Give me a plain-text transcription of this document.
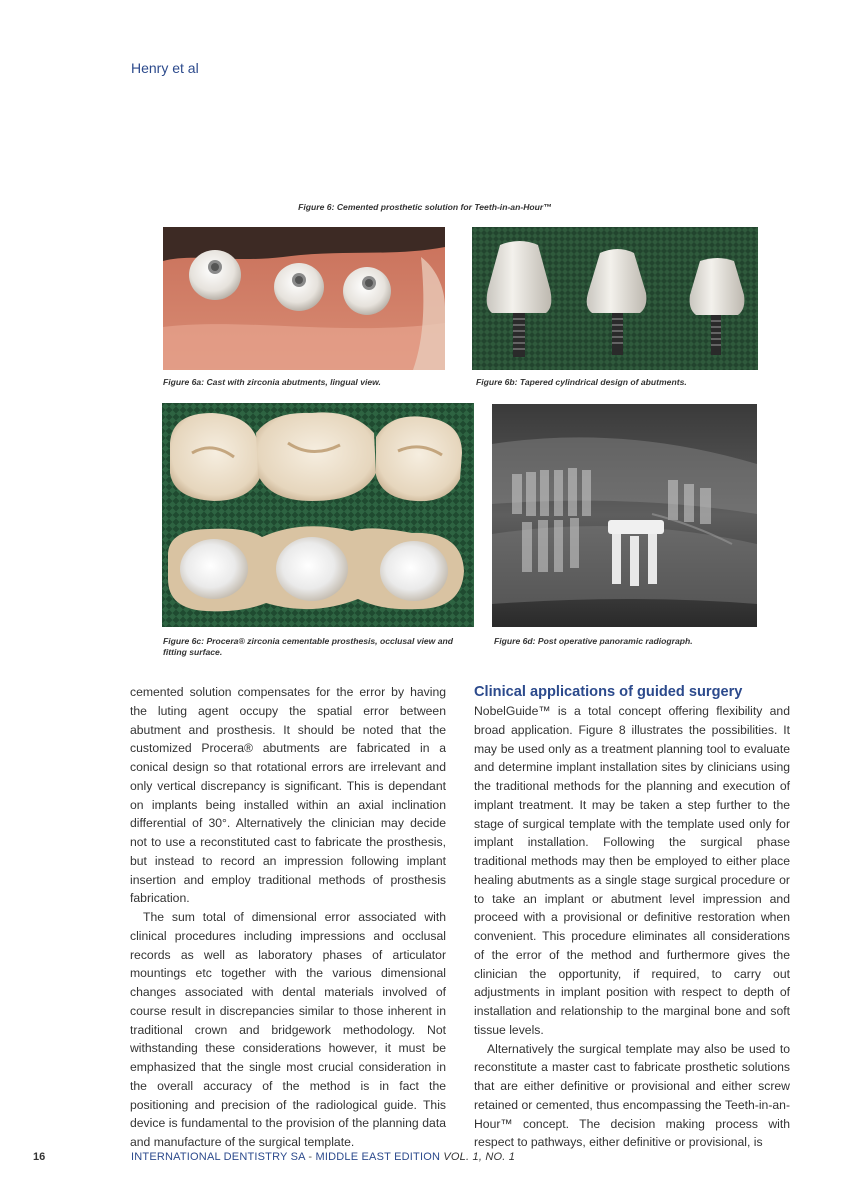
Henry et al
Figure 6: Cemented prosthetic solution for Teeth-in-an-Hour™
Figure 6a: Cast with zirconia abutments, lingual view.	Figure 6b: Tapered cylindrical design of abutments.
Figure 6c: Procera® zirconia cementable prosthesis, occlusal view and fitting surface.
Figure 6d: Post operative panoramic radiograph.

cemented solution compensates for the error by having the luting agent occupy the spatial error between abutment and prosthesis. It should be noted that the customized Procera® abutments are fabricated in a conical design so that rotational errors are irrelevant and only vertical discrepancy is significant. This is dependant on implants being installed within an axial inclination differential of 30°. Alternatively the clinician may decide not to use a reconstituted cast to fabricate the prosthesis, but instead to record an impression following implant insertion and employ traditional methods of prosthesis fabrication.

The sum total of dimensional error associated with clinical procedures including impressions and occlusal records as well as laboratory phases of articulator mountings etc together with the various dimensional changes associated with dental materials involved of course result in discrepancies similar to those inherent in traditional crown and bridgework methodology. Not withstanding these considerations however, it must be emphasized that the single most crucial consideration in the overall accuracy of the method is in fact the positioning and precision of the radiological guide. This device is fundamental to the provision of the planning data and manufacture of the surgical template.

Clinical applications of guided surgery

NobelGuide™ is a total concept offering flexibility and broad application. Figure 8 illustrates the possibilities. It may be used only as a treatment planning tool to evaluate and determine implant installation sites by clinicians using the traditional methods for the planning and execution of implant treatment. It may be taken a step further to the stage of surgical template with the template used only for implant installation. Following the surgical phase traditional methods may then be employed to either place healing abutments as a single stage surgical procedure or to take an implant or abutment level impression and proceed with a provisional or definitive restoration when convenient. This procedure eliminates all considerations of the error of the method and furthermore gives the clinician the opportunity, if required, to carry out adjustments in implant position with respect to depth of installation and relationship to the marginal bone and soft tissue levels.

Alternatively the surgical template may also be used to reconstitute a master cast to fabricate prosthetic solutions that are either definitive or provisional and either screw retained or cemented, thus encompassing the Teeth-in-an-Hour™ concept. The decision making process with respect to pathways, either definitive or provisional, is

16	INTERNATIONAL DENTISTRY SA - MIDDLE EAST EDITION VOL. 1, NO. 1
